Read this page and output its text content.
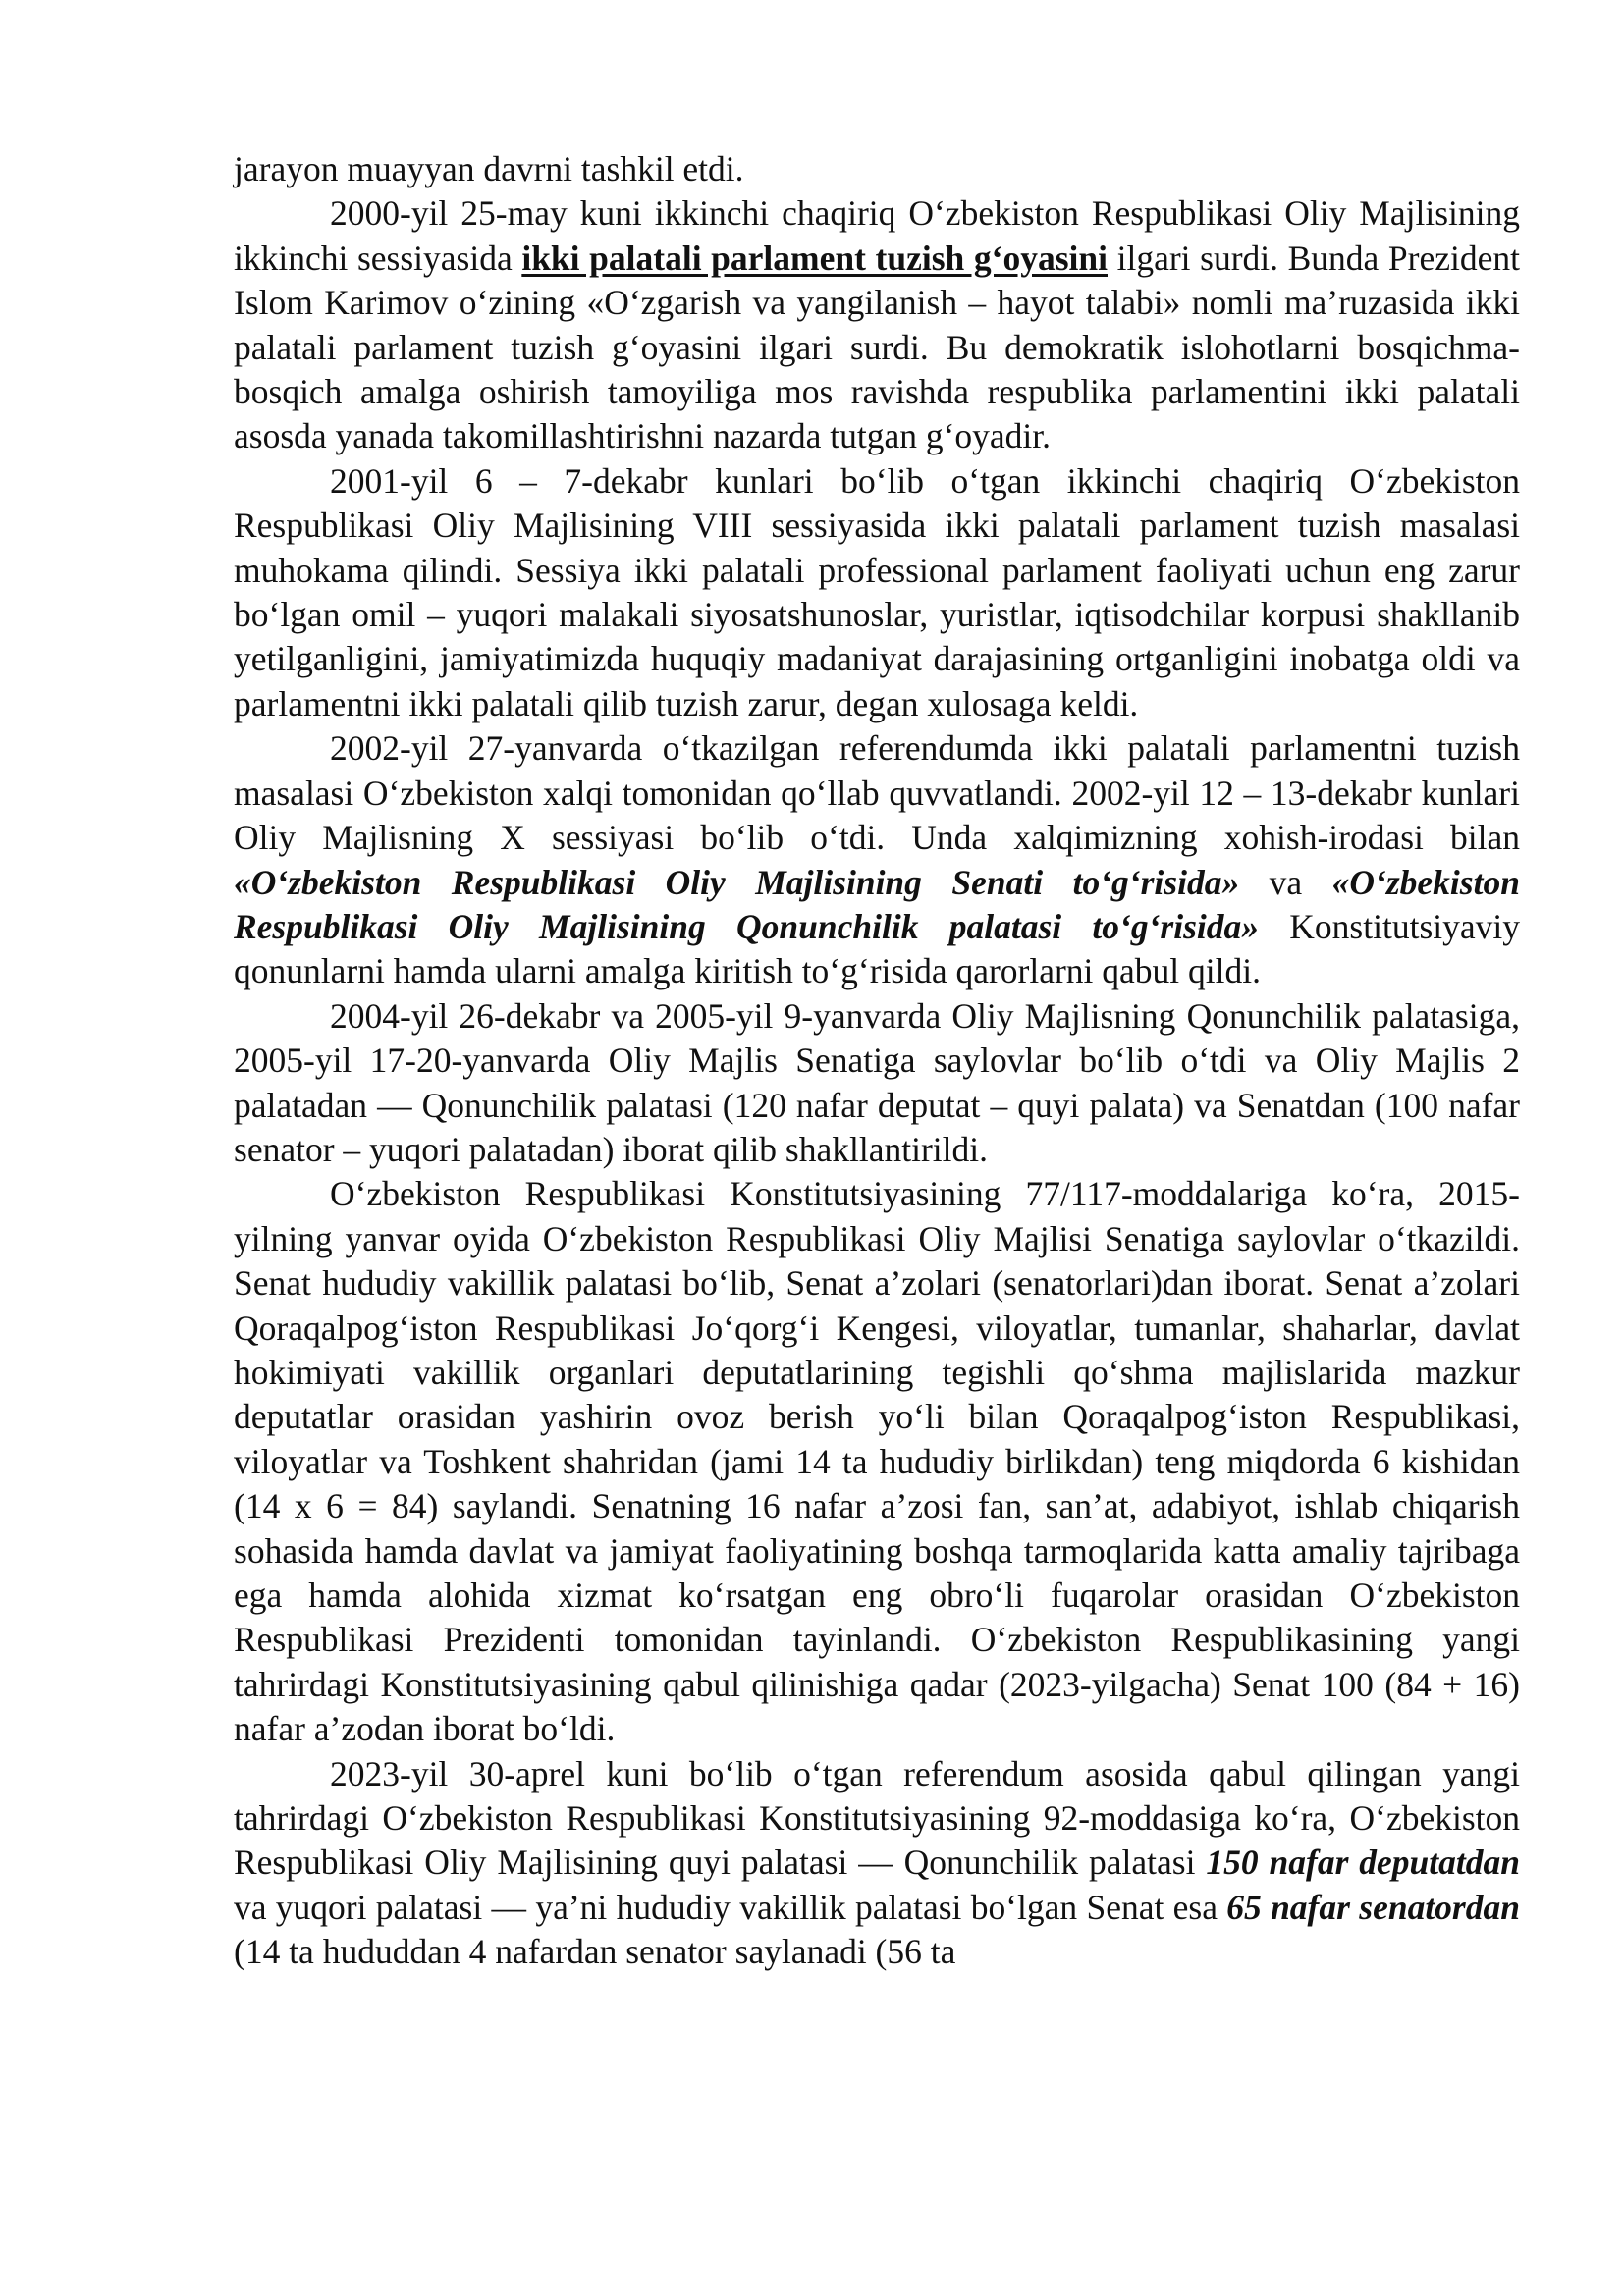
jarayon muayyan davrni tashkil etdi.

2000-yil 25-may kuni ikkinchi chaqiriq O‘zbekiston Respublikasi Oliy Majlisining ikkinchi sessiyasida ikki palatali parlament tuzish g‘oyasini ilgari surdi. Bunda Prezident Islom Karimov o‘zining «O‘zgarish va yangilanish – hayot talabi» nomli ma’ruzasida ikki palatali parlament tuzish g‘oyasini ilgari surdi. Bu demokratik islohotlarni bosqichma-bosqich amalga oshirish tamoyiliga mos ravishda respublika parlamentini ikki palatali asosda yanada takomillashtirishni nazarda tutgan g‘oyadir.

2001-yil 6 – 7-dekabr kunlari bo‘lib o‘tgan ikkinchi chaqiriq O‘zbekiston Respublikasi Oliy Majlisining VIII sessiyasida ikki palatali parlament tuzish masalasi muhokama qilindi. Sessiya ikki palatali professional parlament faoliyati uchun eng zarur bo‘lgan omil – yuqori malakali siyosatshunoslar, yuristlar, iqtisodchilar korpusi shakllanib yetilganligini, jamiyatimizda huquqiy madaniyat darajasining ortganligini inobatga oldi va parlamentni ikki palatali qilib tuzish zarur, degan xulosaga keldi.

2002-yil 27-yanvarda o‘tkazilgan referendumda ikki palatali parlamentni tuzish masalasi O‘zbekiston xalqi tomonidan qo‘llab quvvatlandi. 2002-yil 12 – 13-dekabr kunlari Oliy Majlisning X sessiyasi bo‘lib o‘tdi. Unda xalqimizning xohish-irodasi bilan «O‘zbekiston Respublikasi Oliy Majlisining Senati to‘g‘risida» va «O‘zbekiston Respublikasi Oliy Majlisining Qonunchilik palatasi to‘g‘risida» Konstitutsiyaviy qonunlarni hamda ularni amalga kiritish to‘g‘risida qarorlarni qabul qildi.

2004-yil 26-dekabr va 2005-yil 9-yanvarda Oliy Majlisning Qonunchilik palatasiga, 2005-yil 17-20-yanvarda Oliy Majlis Senatiga saylovlar bo‘lib o‘tdi va Oliy Majlis 2 palatadan — Qonunchilik palatasi (120 nafar deputat – quyi palata) va Senatdan (100 nafar senator – yuqori palatadan) iborat qilib shakllantirildi.

O‘zbekiston Respublikasi Konstitutsiyasining 77/117-moddalariga ko‘ra, 2015-yilning yanvar oyida O‘zbekiston Respublikasi Oliy Majlisi Senatiga saylovlar o‘tkazildi. Senat hududiy vakillik palatasi bo‘lib, Senat a’zolari (senatorlari)dan iborat. Senat a’zolari Qoraqalpog‘iston Respublikasi Jo‘qorg‘i Kengesi, viloyatlar, tumanlar, shaharlar, davlat hokimiyati vakillik organlari deputatlarining tegishli qo‘shma majlislarida mazkur deputatlar orasidan yashirin ovoz berish yo‘li bilan Qoraqalpog‘iston Respublikasi, viloyatlar va Toshkent shahridan (jami 14 ta hududiy birlikdan) teng miqdorda 6 kishidan (14 x 6 = 84) saylandi. Senatning 16 nafar a’zosi fan, san’at, adabiyot, ishlab chiqarish sohasida hamda davlat va jamiyat faoliyatining boshqa tarmoqlarida katta amaliy tajribaga ega hamda alohida xizmat ko‘rsatgan eng obro‘li fuqarolar orasidan O‘zbekiston Respublikasi Prezidenti tomonidan tayinlandi. O‘zbekiston Respublikasining yangi tahrirdagi Konstitutsiyasining qabul qilinishiga qadar (2023-yilgacha) Senat 100 (84 + 16) nafar a’zodan iborat bo‘ldi.

2023-yil 30-aprel kuni bo‘lib o‘tgan referendum asosida qabul qilingan yangi tahrirdagi O‘zbekiston Respublikasi Konstitutsiyasining 92-moddasiga ko‘ra, O‘zbekiston Respublikasi Oliy Majlisining quyi palatasi — Qonunchilik palatasi 150 nafar deputatdan va yuqori palatasi — ya’ni hududiy vakillik palatasi bo‘lgan Senat esa 65 nafar senatordan (14 ta hududdan 4 nafardan senator saylanadi (56 ta
